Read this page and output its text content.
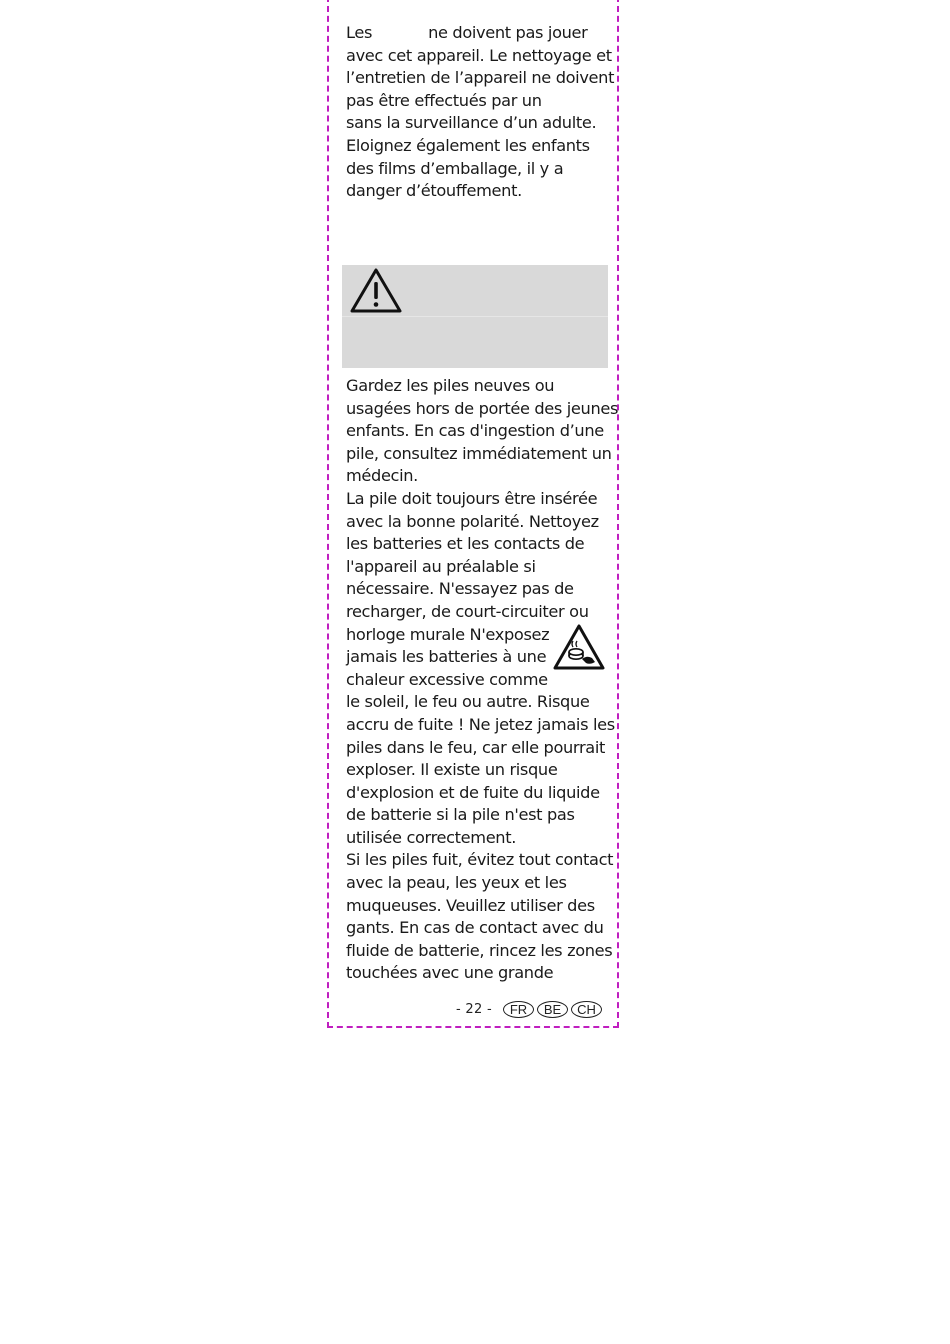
Les	ne doivent pas jouer
avec cet appareil. Le nettoyage et
l’entretien de l’appareil ne doivent
pas être effectués par un
sans la surveillance d’un adulte.
Eloignez également les enfants
des films d’emballage, il y a
danger d’étouffement.
Gardez les piles neuves ou
usagées hors de portée des jeunes
enfants. En cas d'ingestion d’une
pile, consultez immédiatement un
médecin.
La pile doit toujours être insérée
avec la bonne polarité. Nettoyez
les batteries et les contacts de
l'appareil au préalable si
nécessaire. N'essayez pas de
recharger, de court-circuiter ou
horloge murale N'exposez
jamais les batteries à une
chaleur excessive comme
le soleil, le feu ou autre. Risque
accru de fuite ! Ne jetez jamais les
piles dans le feu, car elle pourrait
exploser. Il existe un risque
d'explosion et de fuite du liquide
de batterie si la pile n'est pas
utilisée correctement.
Si les piles fuit, évitez tout contact
avec la peau, les yeux et les
muqueuses. Veuillez utiliser des
gants. En cas de contact avec du
fluide de batterie, rincez les zones
touchées avec une grande
- 22 -	FR	BE	CH
